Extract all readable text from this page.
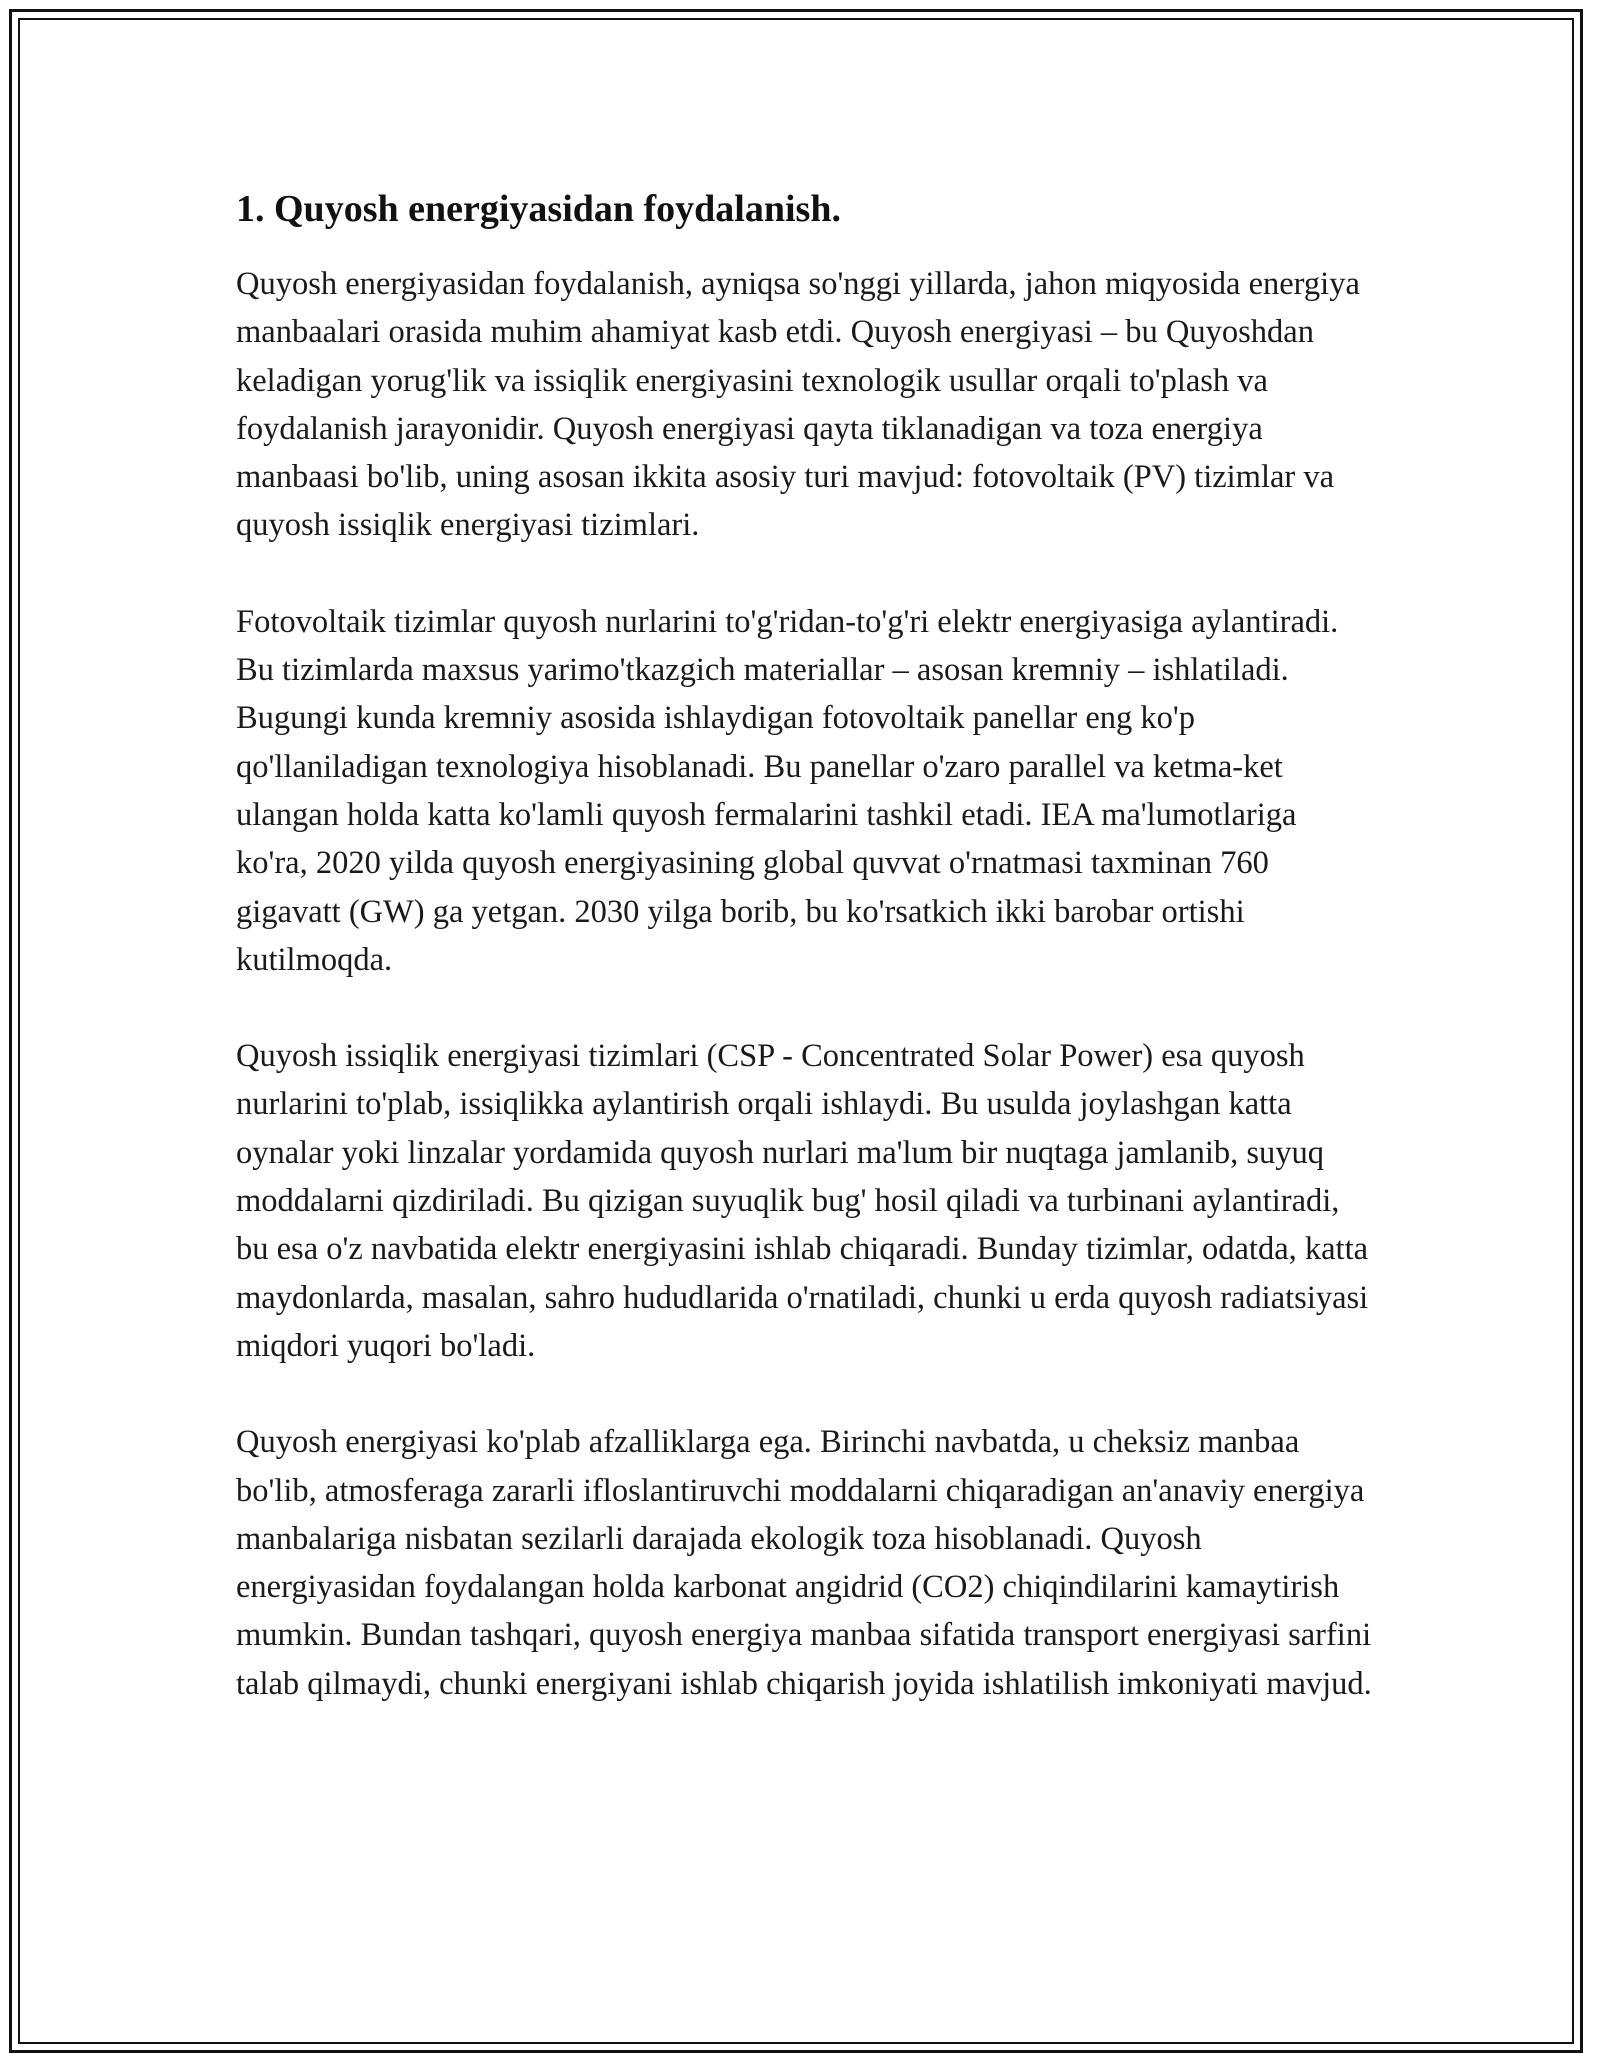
1. Quyosh energiyasidan foydalanish.

Quyosh energiyasidan foydalanish, ayniqsa so'nggi yillarda, jahon miqyosida energiya manbaalari orasida muhim ahamiyat kasb etdi. Quyosh energiyasi – bu Quyoshdan keladigan yorug'lik va issiqlik energiyasini texnologik usullar orqali to'plash va foydalanish jarayonidir. Quyosh energiyasi qayta tiklanadigan va toza energiya manbaasi bo'lib, uning asosan ikkita asosiy turi mavjud: fotovoltaik (PV) tizimlar va quyosh issiqlik energiyasi tizimlari.

Fotovoltaik tizimlar quyosh nurlarini to'g'ridan-to'g'ri elektr energiyasiga aylantiradi. Bu tizimlarda maxsus yarimo'tkazgich materiallar – asosan kremniy – ishlatiladi. Bugungi kunda kremniy asosida ishlaydigan fotovoltaik panellar eng ko'p qo'llaniladigan texnologiya hisoblanadi. Bu panellar o'zaro parallel va ketma-ket ulangan holda katta ko'lamli quyosh fermalarini tashkil etadi. IEA ma'lumotlariga ko'ra, 2020 yilda quyosh energiyasining global quvvat o'rnatmasi taxminan 760 gigavatt (GW) ga yetgan. 2030 yilga borib, bu ko'rsatkich ikki barobar ortishi kutilmoqda.

Quyosh issiqlik energiyasi tizimlari (CSP - Concentrated Solar Power) esa quyosh nurlarini to'plab, issiqlikka aylantirish orqali ishlaydi. Bu usulda joylashgan katta oynalar yoki linzalar yordamida quyosh nurlari ma'lum bir nuqtaga jamlanib, suyuq moddalarni qizdiriladi. Bu qizigan suyuqlik bug' hosil qiladi va turbinani aylantiradi, bu esa o'z navbatida elektr energiyasini ishlab chiqaradi. Bunday tizimlar, odatda, katta maydonlarda, masalan, sahro hududlarida o'rnatiladi, chunki u erda quyosh radiatsiyasi miqdori yuqori bo'ladi.

Quyosh energiyasi ko'plab afzalliklarga ega. Birinchi navbatda, u cheksiz manbaa bo'lib, atmosferaga zararli ifloslantiruvchi moddalarni chiqaradigan an'anaviy energiya manbalariga nisbatan sezilarli darajada ekologik toza hisoblanadi. Quyosh energiyasidan foydalangan holda karbonat angidrid (CO2) chiqindilarini kamaytirish mumkin. Bundan tashqari, quyosh energiya manbaa sifatida transport energiyasi sarfini talab qilmaydi, chunki energiyani ishlab chiqarish joyida ishlatilish imkoniyati mavjud.
